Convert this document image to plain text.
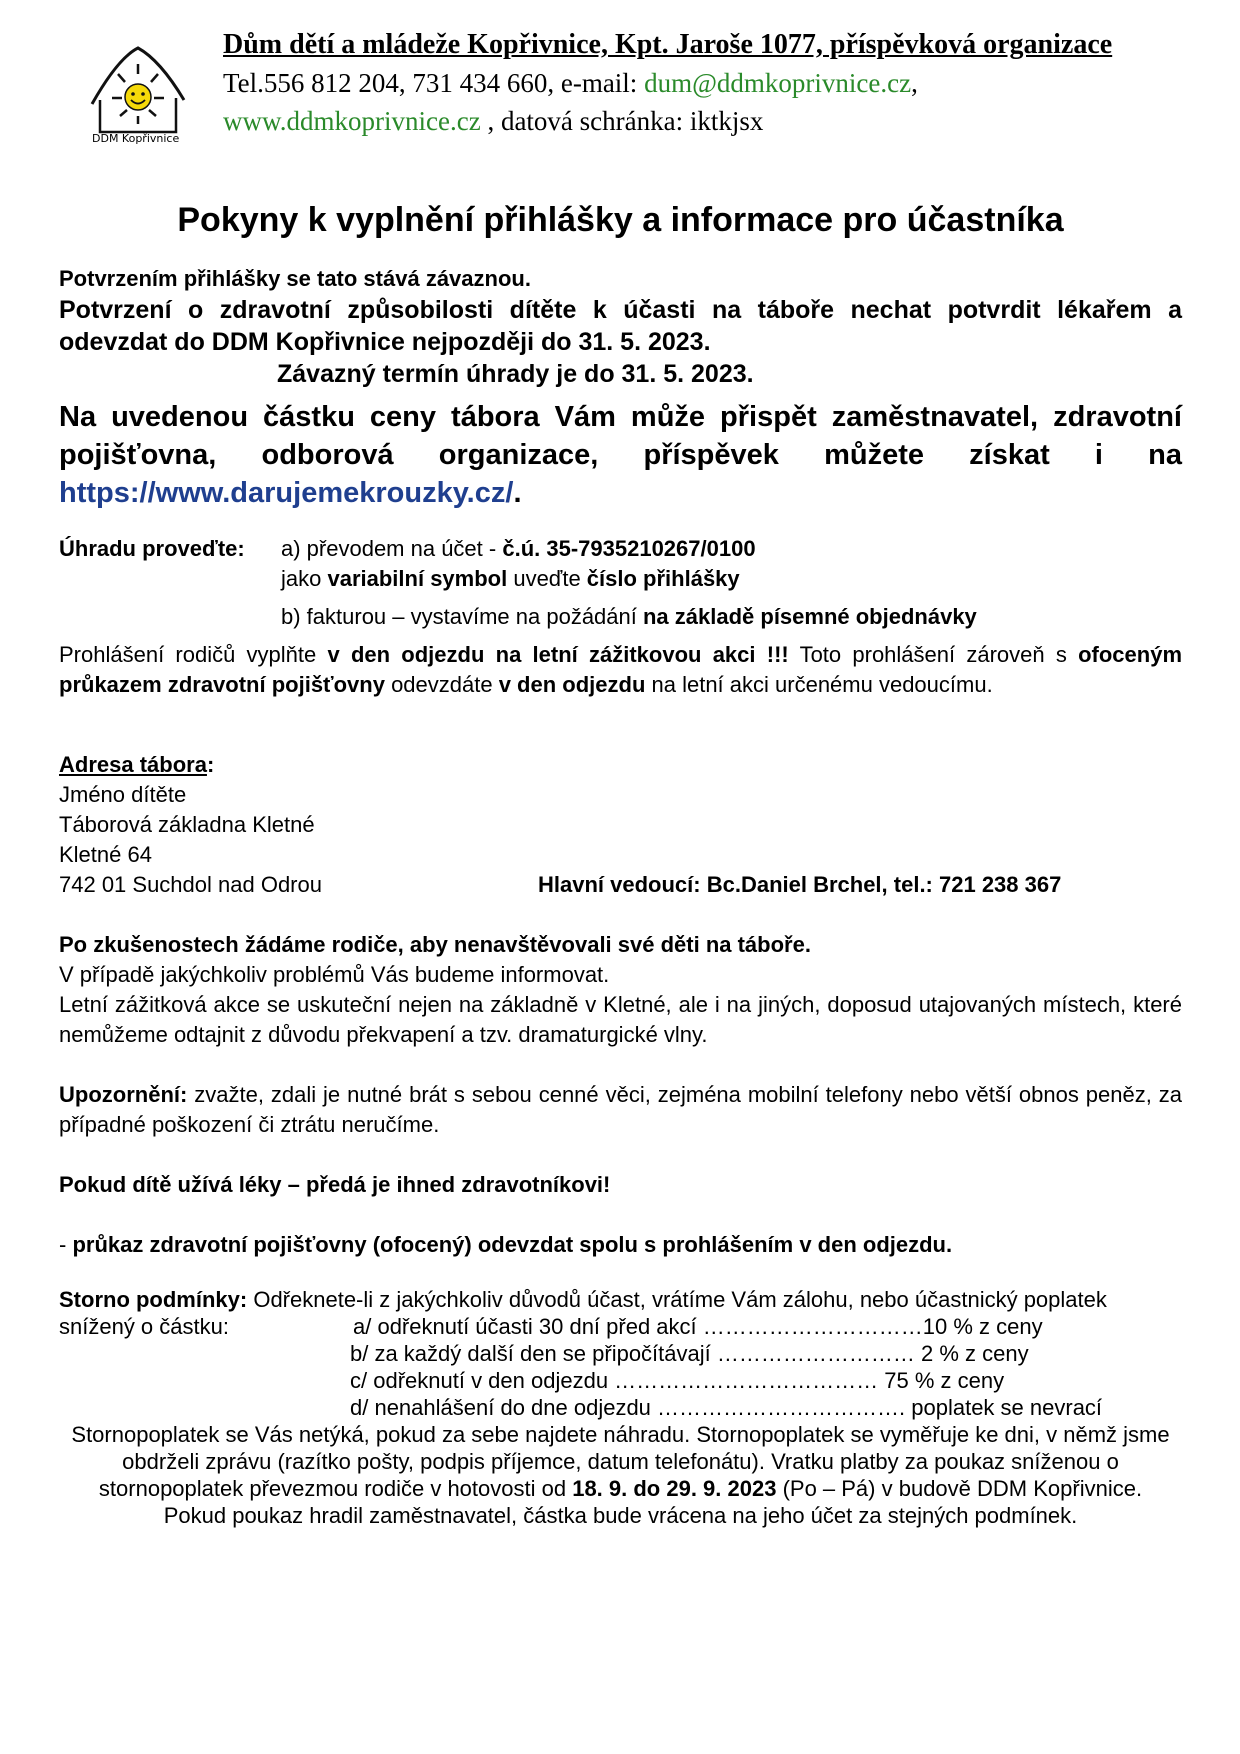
DDM Kopřivnice
Dům dětí a mládeže Kopřivnice, Kpt. Jaroše 1077, příspěvková organizace
Tel.556 812 204, 731 434 660, e-mail: dum@ddmkoprivnice.cz,
www.ddmkoprivnice.cz , datová schránka: iktkjsx
Pokyny k vyplnění přihlášky a informace pro účastníka

Potvrzením přihlášky se tato stává závaznou.

Potvrzení o zdravotní způsobilosti dítěte k účasti na táboře nechat potvrdit lékařem a odevzdat do DDM Kopřivnice nejpozději do 31. 5. 2023.

Závazný termín úhrady je do 31. 5. 2023.

Na uvedenou částku ceny tábora Vám může přispět zaměstnavatel, zdravotní pojišťovna, odborová organizace, příspěvek můžete získat i na https://www.darujemekrouzky.cz/.

Úhradu proveďte: a) převodem na účet - č.ú. 35-7935210267/0100
jako variabilní symbol uveďte číslo přihlášky
b) fakturou – vystavíme na požádání na základě písemné objednávky

Prohlášení rodičů vyplňte v den odjezdu na letní zážitkovou akci !!! Toto prohlášení zároveň s ofoceným průkazem zdravotní pojišťovny odevzdáte v den odjezdu na letní akci určenému vedoucímu.

Adresa tábora:
Jméno dítěte
Táborová základna Kletné
Kletné 64
742 01 Suchdol nad Odrou	Hlavní vedoucí: Bc.Daniel Brchel, tel.: 721 238 367

Po zkušenostech žádáme rodiče, aby nenavštěvovali své děti na táboře.

V případě jakýchkoliv problémů Vás budeme informovat.

Letní zážitková akce se uskuteční nejen na základně v Kletné, ale i na jiných, doposud utajovaných místech, které nemůžeme odtajnit z důvodu překvapení a tzv. dramaturgické vlny.

Upozornění: zvažte, zdali je nutné brát s sebou cenné věci, zejména mobilní telefony nebo větší obnos peněz, za případné poškození či ztrátu neručíme.

Pokud dítě užívá léky – předá je ihned zdravotníkovi!

- průkaz zdravotní pojišťovny (ofocený) odevzdat spolu s prohlášením v den odjezdu.

Storno podmínky: Odřeknete-li z jakýchkoliv důvodů účast, vrátíme Vám zálohu, nebo účastnický poplatek
snížený o částku:	a/ odřeknutí účasti 30 dní před akcí …………………………10 % z ceny
b/ za každý další den se připočítávají ……………………… 2 % z ceny
c/ odřeknutí v den odjezdu ……………………………… 75 % z ceny
d/ nenahlášení do dne odjezdu ……………………………. poplatek se nevrací

Stornopoplatek se Vás netýká, pokud za sebe najdete náhradu. Stornopoplatek se vyměřuje ke dni, v němž jsme obdrželi zprávu (razítko pošty, podpis příjemce, datum telefonátu). Vratku platby za poukaz sníženou o stornopoplatek převezmou rodiče v hotovosti od 18. 9. do 29. 9. 2023 (Po – Pá) v budově DDM Kopřivnice.

Pokud poukaz hradil zaměstnavatel, částka bude vrácena na jeho účet za stejných podmínek.
